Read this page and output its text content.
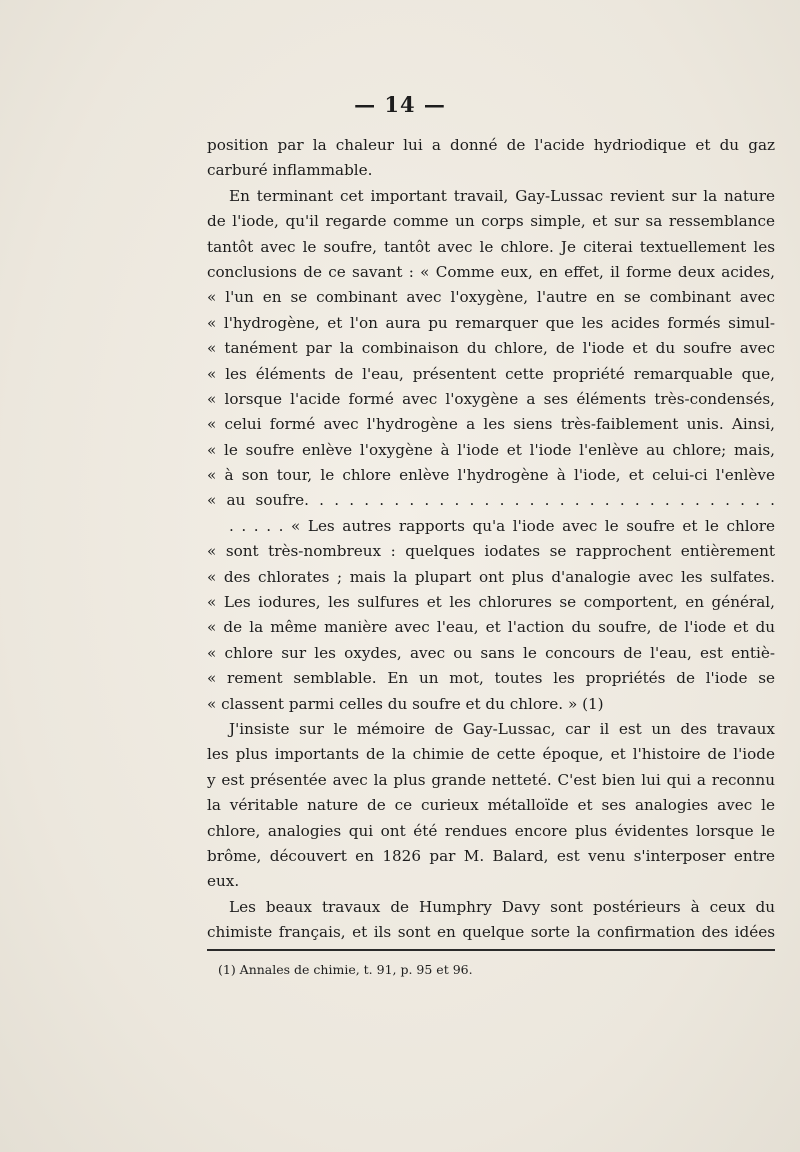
— 14 —
position par la chaleur lui a donné de l'acide hydriodique et du gaz
carburé inflammable.
En terminant cet important travail, Gay-Lussac revient sur la nature
de l'iode, qu'il regarde comme un corps simple, et sur sa ressemblance
tantôt avec le soufre, tantôt avec le chlore. Je citerai textuellement les
conclusions de ce savant : « Comme eux, en effet, il forme deux acides,
« l'un en se combinant avec l'oxygène, l'autre en se combinant avec
« l'hydrogène, et l'on aura pu remarquer que les acides formés simul-
« tanément par la combinaison du chlore, de l'iode et du soufre avec
« les éléments de l'eau, présentent cette propriété remarquable que,
« lorsque l'acide formé avec l'oxygène a ses éléments très-condensés,
« celui formé avec l'hydrogène a les siens très-faiblement unis. Ainsi,
« le soufre enlève l'oxygène à l'iode et l'iode l'enlève au chlore; mais,
« à son tour, le chlore enlève l'hydrogène à l'iode, et celui-ci l'enlève
« au soufre. . . . . . . . . . . . . . . . . . . . . . . . . . . . . . . .
. . . . . « Les autres rapports qu'a l'iode avec le soufre et le chlore
« sont très-nombreux : quelques iodates se rapprochent entièrement
« des chlorates ; mais la plupart ont plus d'analogie avec les sulfates.
« Les iodures, les sulfures et les chlorures se comportent, en général,
« de la même manière avec l'eau, et l'action du soufre, de l'iode et du
« chlore sur les oxydes, avec ou sans le concours de l'eau, est entiè-
« rement semblable. En un mot, toutes les propriétés de l'iode se
« classent parmi celles du soufre et du chlore. » (1)
J'insiste sur le mémoire de Gay-Lussac, car il est un des travaux
les plus importants de la chimie de cette époque, et l'histoire de l'iode
y est présentée avec la plus grande netteté. C'est bien lui qui a reconnu
la véritable nature de ce curieux métalloïde et ses analogies avec le
chlore, analogies qui ont été rendues encore plus évidentes lorsque le
brôme, découvert en 1826 par M. Balard, est venu s'interposer entre
eux.
Les beaux travaux de Humphry Davy sont postérieurs à ceux du
chimiste français, et ils sont en quelque sorte la confirmation des idées
(1) Annales de chimie, t. 91, p. 95 et 96.
